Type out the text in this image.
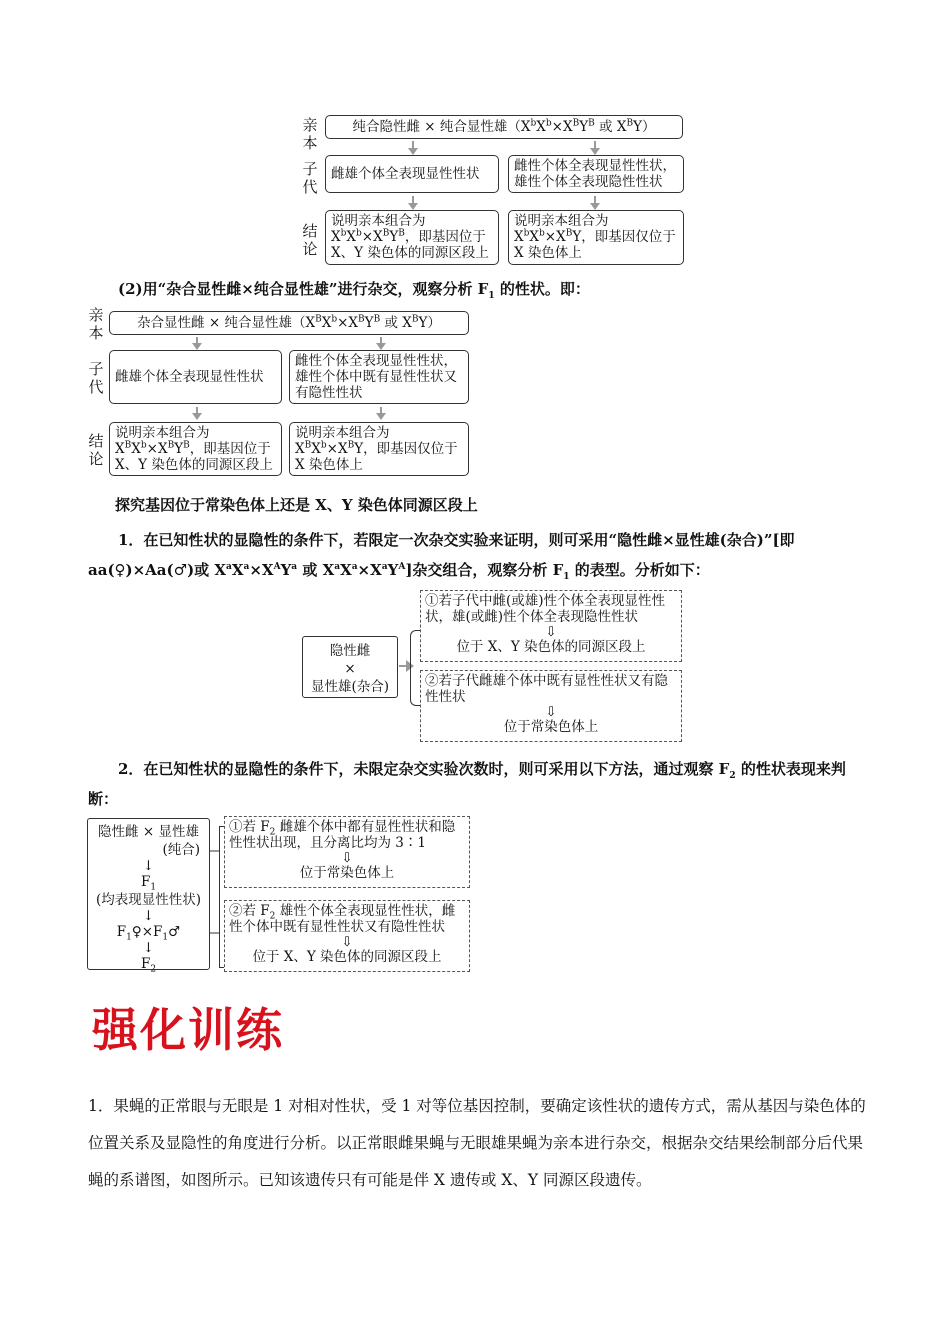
亲本
子代
结论
纯合隐性雌 × 纯合显性雄（$X^bX^b\times X^BY^B$ 或 $X^BY$）
雌雄个体全表现显性性状	雌性个体全表现显性性状，雄性个体全表现隐性性状
说明亲本组合为 $X^bX^b\times X^BY^B$，即基因位于 X、Y 染色体的同源区段上
说明亲本组合为 $X^bX^b\times X^BY$，即基因仅位于 X 染色体上
(2)用“杂合显性雌×纯合显性雄”进行杂交，观察分析 $F_1$ 的性状。即：
亲本
子代
结论
杂合显性雌 × 纯合显性雄（$X^BX^b\times X^BY^B$ 或 $X^BY$）
雌雄个体全表现显性性状
雌性个体全表现显性性状，雄性个体中既有显性性状又有隐性性状
说明亲本组合为 $X^BX^b\times X^BY^B$，即基因位于 X、Y 染色体的同源区段上
说明亲本组合为 $X^BX^b\times X^BY$，即基因仅位于 X 染色体上
探究基因位于常染色体上还是 X、Y 染色体同源区段上
1．在已知性状的显隐性的条件下，若限定一次杂交实验来证明，则可采用“隐性雌×显性雄(杂合)”[即 aa(♀)×Aa(♂)或 $X^aX^a\times X^AY^a$ 或 $X^aX^a\times X^aY^A$]杂交组合，观察分析 $F_1$ 的表型。分析如下：
隐性雌
×
显性雄(杂合)
①若子代中雌(或雄)性个体全表现显性性状，雄(或雌)性个体全表现隐性性状
⇩
位于 X、Y 染色体的同源区段上
②若子代雌雄个体中既有显性性状又有隐性性状
⇩
位于常染色体上
2．在已知性状的显隐性的条件下，未限定杂交实验次数时，则可采用以下方法，通过观察 $F_2$ 的性状表现来判断：
隐性雌 × 显性雄
(纯合)
↓
$F_1$
(均表现显性性状)
↓
$F_1♀\times F_1♂$
↓
$F_2$
①若 $F_2$ 雌雄个体中都有显性性状和隐性性状出现，且分离比均为 3∶1
⇩
位于常染色体上
②若 $F_2$ 雄性个体全表现显性性状，雌性个体中既有显性性状又有隐性性状
⇩
位于 X、Y 染色体的同源区段上
强化训练
1．果蝇的正常眼与无眼是 1 对相对性状，受 1 对等位基因控制，要确定该性状的遗传方式，需从基因与染色体的位置关系及显隐性的角度进行分析。以正常眼雌果蝇与无眼雄果蝇为亲本进行杂交，根据杂交结果绘制部分后代果蝇的系谱图，如图所示。已知该遗传只有可能是伴 X 遗传或 X、Y 同源区段遗传。
